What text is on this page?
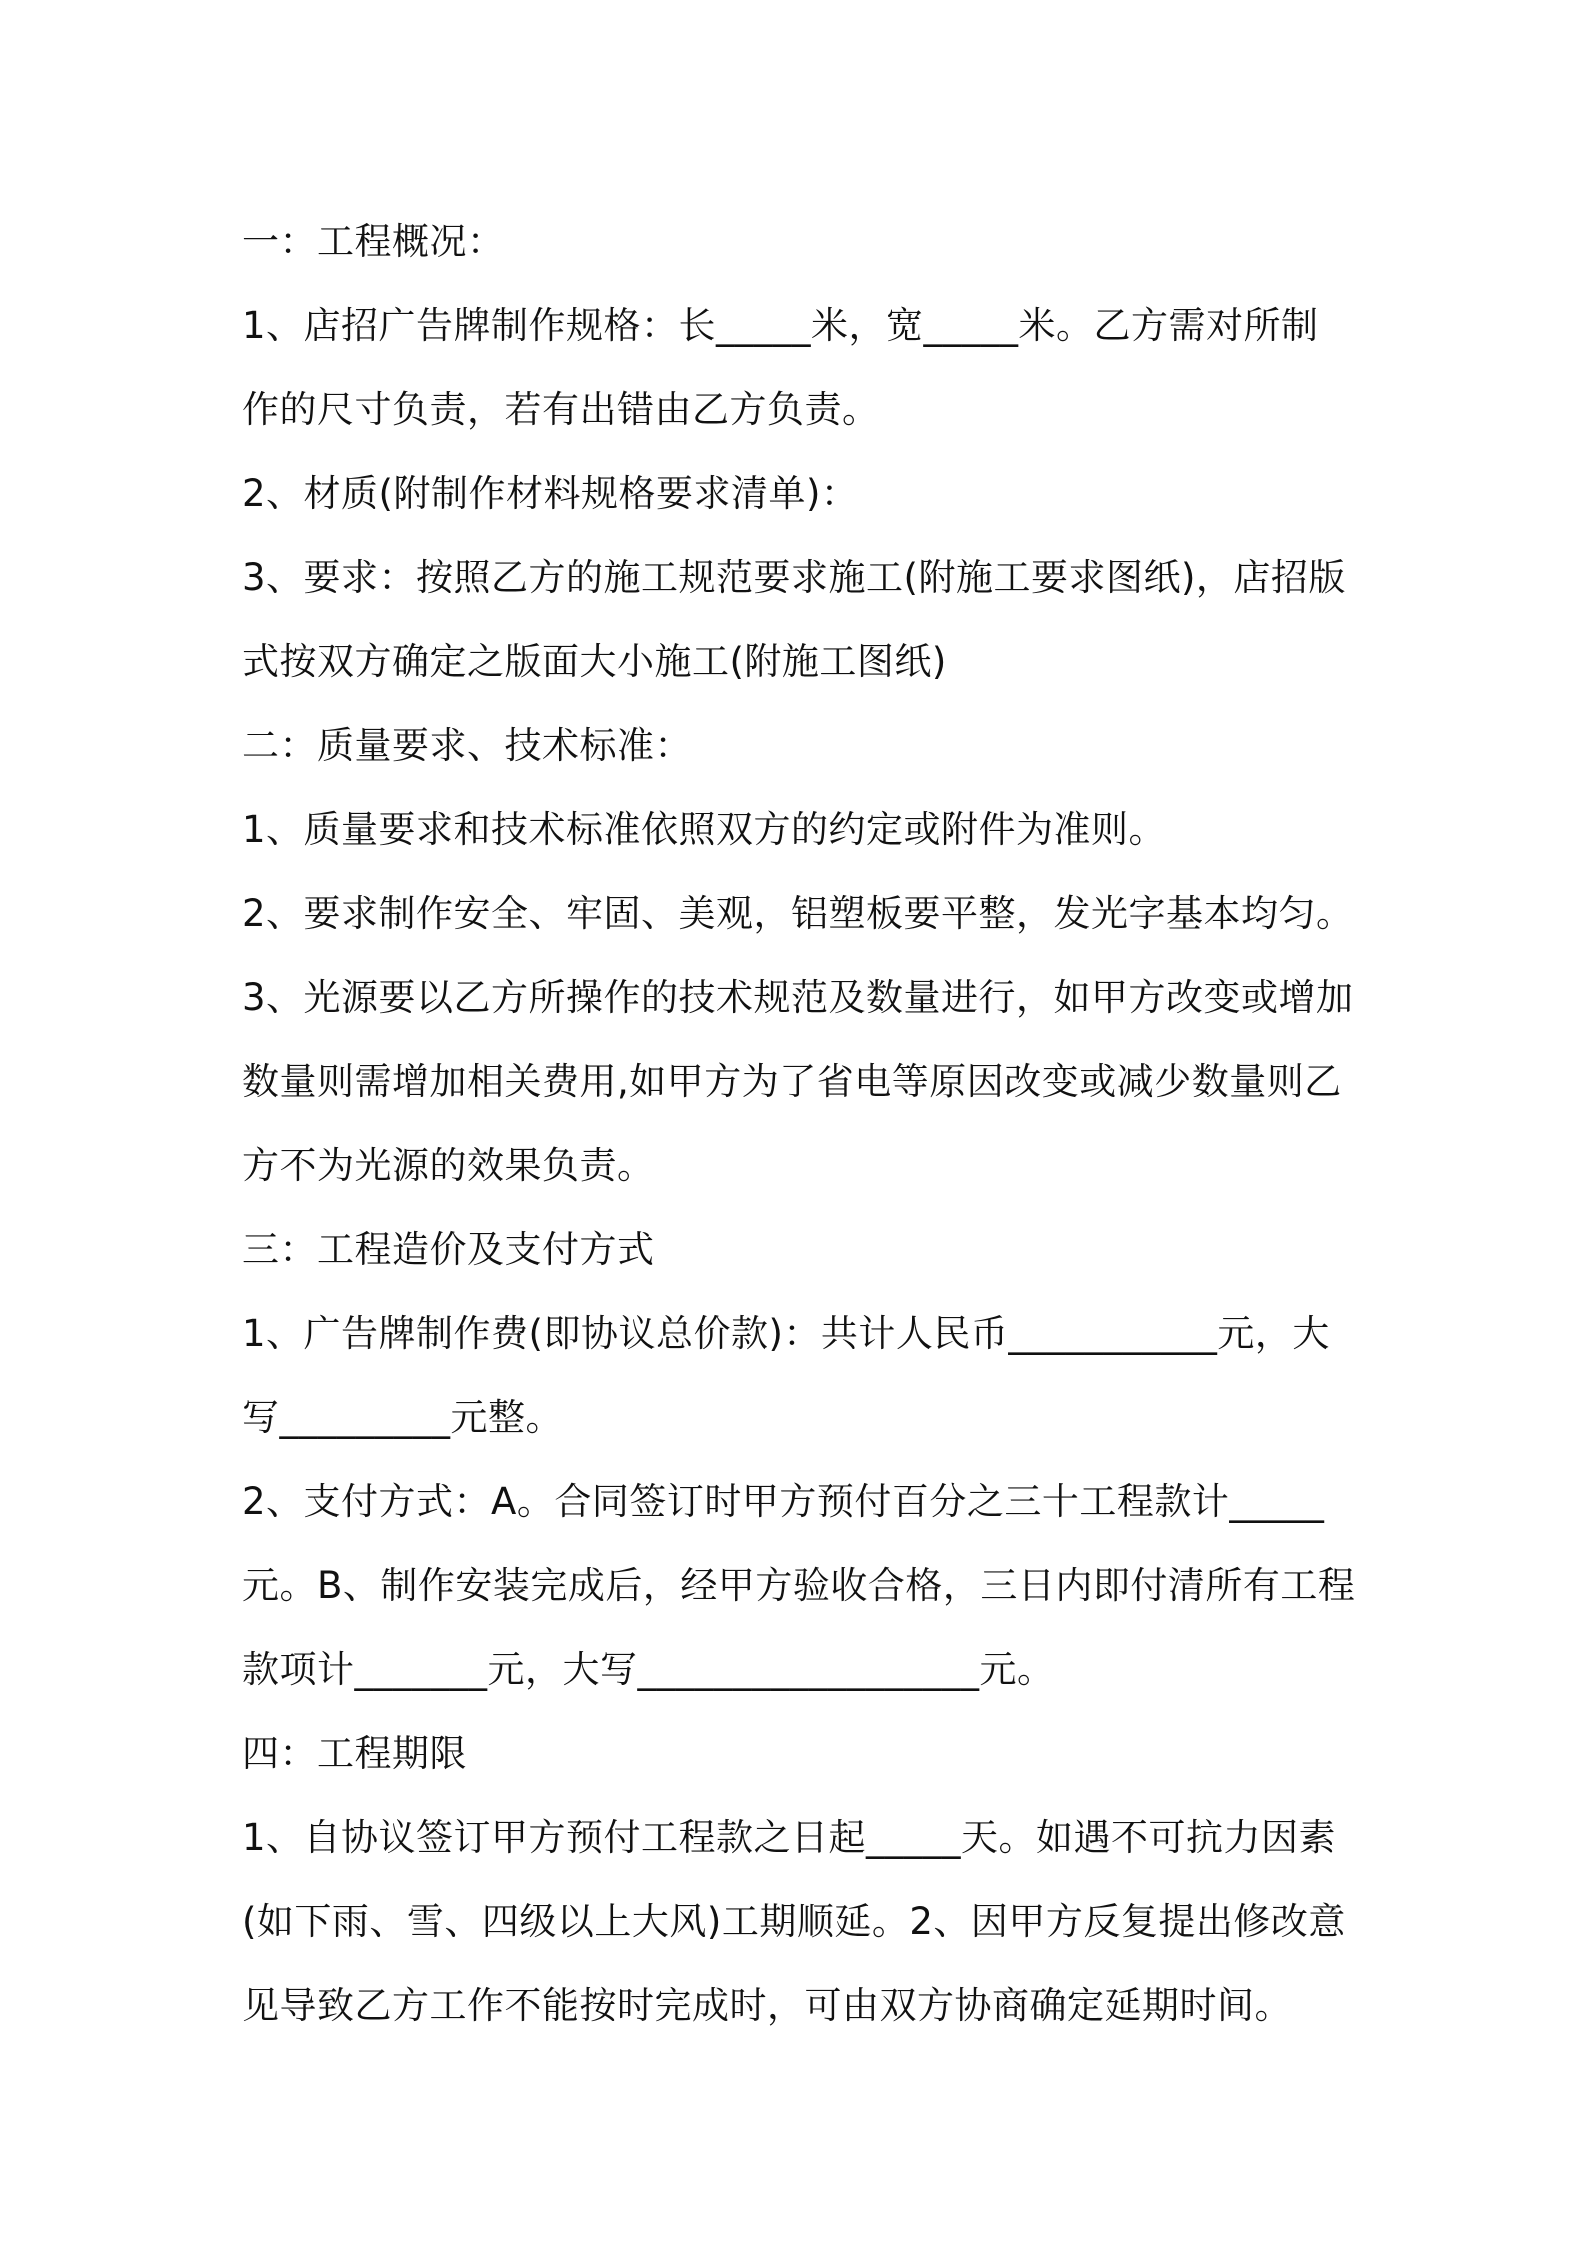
一：工程概况：
1、店招广告牌制作规格：长_____米，宽_____米。乙方需对所制
作的尺寸负责，若有出错由乙方负责。
2、材质(附制作材料规格要求清单)：
3、要求：按照乙方的施工规范要求施工(附施工要求图纸)，店招版
式按双方确定之版面大小施工(附施工图纸)
二：质量要求、技术标准：
1、质量要求和技术标准依照双方的约定或附件为准则。
2、要求制作安全、牢固、美观，铝塑板要平整，发光字基本均匀。
3、光源要以乙方所操作的技术规范及数量进行，如甲方改变或增加
数量则需增加相关费用,如甲方为了省电等原因改变或减少数量则乙
方不为光源的效果负责。
三：工程造价及支付方式
1、广告牌制作费(即协议总价款)：共计人民币___________元，大
写_________元整。
2、支付方式：A。合同签订时甲方预付百分之三十工程款计_____
元。B、制作安装完成后，经甲方验收合格，三日内即付清所有工程
款项计_______元，大写__________________元。
四：工程期限
1、自协议签订甲方预付工程款之日起_____天。如遇不可抗力因素
(如下雨、雪、四级以上大风)工期顺延。2、因甲方反复提出修改意
见导致乙方工作不能按时完成时，可由双方协商确定延期时间。
